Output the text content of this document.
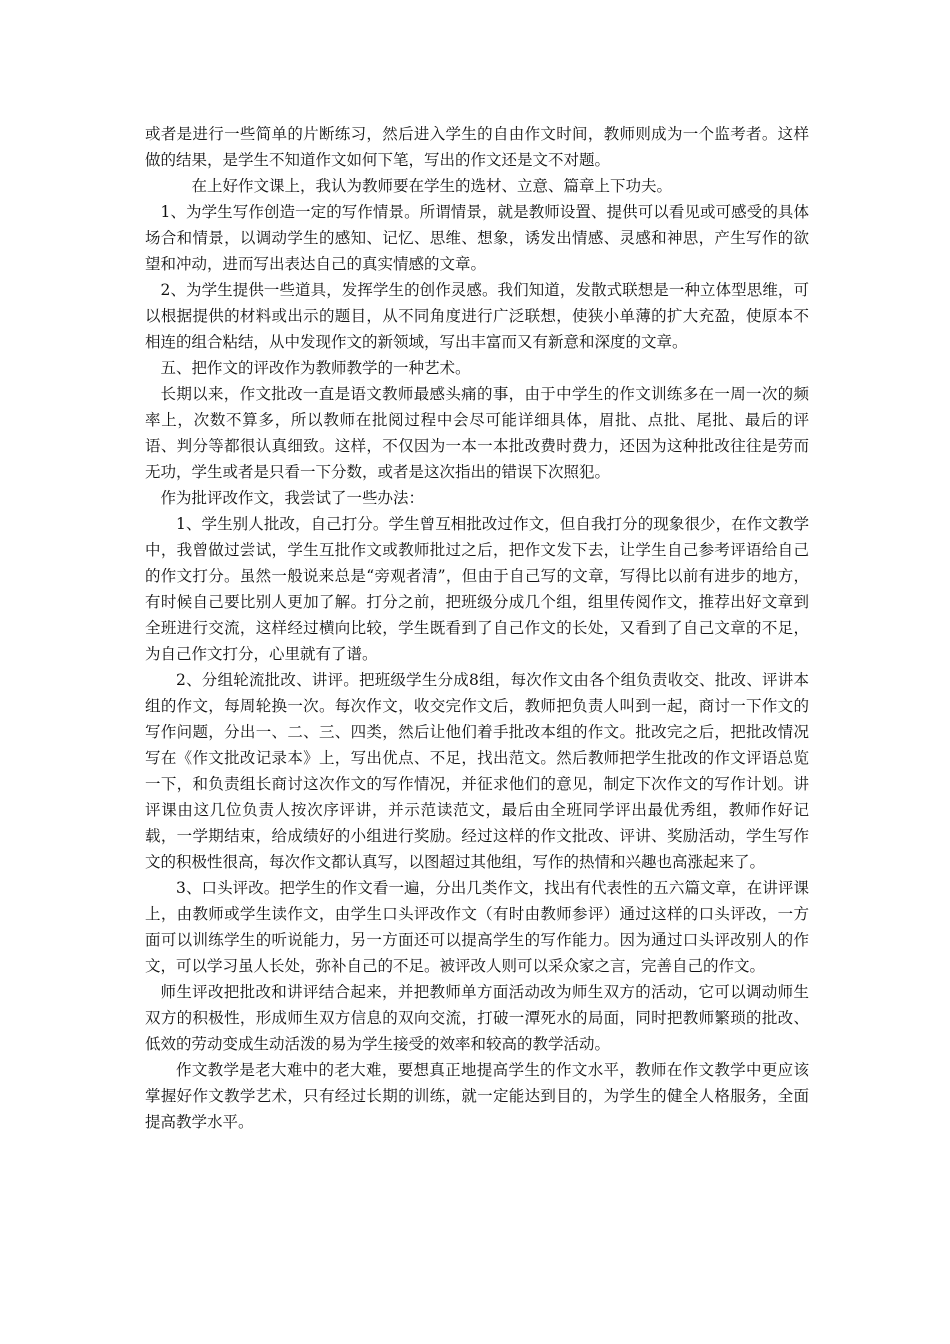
或者是进行一些简单的片断练习，然后进入学生的自由作文时间，教师则成为一个监考者。这样做的结果，是学生不知道作文如何下笔，写出的作文还是文不对题。

在上好作文课上，我认为教师要在学生的选材、立意、篇章上下功夫。

1、为学生写作创造一定的写作情景。所谓情景，就是教师设置、提供可以看见或可感受的具体场合和情景，以调动学生的感知、记忆、思维、想象，诱发出情感、灵感和神思，产生写作的欲望和冲动，进而写出表达自己的真实情感的文章。

2、为学生提供一些道具，发挥学生的创作灵感。我们知道，发散式联想是一种立体型思维，可以根据提供的材料或出示的题目，从不同角度进行广泛联想，使狭小单薄的扩大充盈，使原本不相连的组合粘结，从中发现作文的新领域，写出丰富而又有新意和深度的文章。

五、把作文的评改作为教师教学的一种艺术。

长期以来，作文批改一直是语文教师最感头痛的事，由于中学生的作文训练多在一周一次的频率上，次数不算多，所以教师在批阅过程中会尽可能详细具体，眉批、点批、尾批、最后的评语、判分等都很认真细致。这样，不仅因为一本一本批改费时费力，还因为这种批改往往是劳而无功，学生或者是只看一下分数，或者是这次指出的错误下次照犯。

作为批评改作文，我尝试了一些办法：

1、学生别人批改，自己打分。学生曾互相批改过作文，但自我打分的现象很少，在作文教学中，我曾做过尝试，学生互批作文或教师批过之后，把作文发下去，让学生自己参考评语给自己的作文打分。虽然一般说来总是“旁观者清”，但由于自己写的文章，写得比以前有进步的地方，有时候自己要比别人更加了解。打分之前，把班级分成几个组，组里传阅作文，推荐出好文章到全班进行交流，这样经过横向比较，学生既看到了自己作文的长处，又看到了自己文章的不足，为自己作文打分，心里就有了谱。

2、分组轮流批改、讲评。把班级学生分成8组，每次作文由各个组负责收交、批改、评讲本组的作文，每周轮换一次。每次作文，收交完作文后，教师把负责人叫到一起，商讨一下作文的写作问题，分出一、二、三、四类，然后让他们着手批改本组的作文。批改完之后，把批改情况写在《作文批改记录本》上，写出优点、不足，找出范文。然后教师把学生批改的作文评语总览一下，和负责组长商讨这次作文的写作情况，并征求他们的意见，制定下次作文的写作计划。讲评课由这几位负责人按次序评讲，并示范读范文，最后由全班同学评出最优秀组，教师作好记载，一学期结束，给成绩好的小组进行奖励。经过这样的作文批改、评讲、奖励活动，学生写作文的积极性很高，每次作文都认真写，以图超过其他组，写作的热情和兴趣也高涨起来了。

3、口头评改。把学生的作文看一遍，分出几类作文，找出有代表性的五六篇文章，在讲评课上，由教师或学生读作文，由学生口头评改作文（有时由教师参评）通过这样的口头评改，一方面可以训练学生的听说能力，另一方面还可以提高学生的写作能力。因为通过口头评改别人的作文，可以学习虽人长处，弥补自己的不足。被评改人则可以采众家之言，完善自己的作文。

师生评改把批改和讲评结合起来，并把教师单方面活动改为师生双方的活动，它可以调动师生双方的积极性，形成师生双方信息的双向交流，打破一潭死水的局面，同时把教师繁琐的批改、低效的劳动变成生动活泼的易为学生接受的效率和较高的教学活动。

作文教学是老大难中的老大难，要想真正地提高学生的作文水平，教师在作文教学中更应该掌握好作文教学艺术，只有经过长期的训练，就一定能达到目的，为学生的健全人格服务，全面提高教学水平。
